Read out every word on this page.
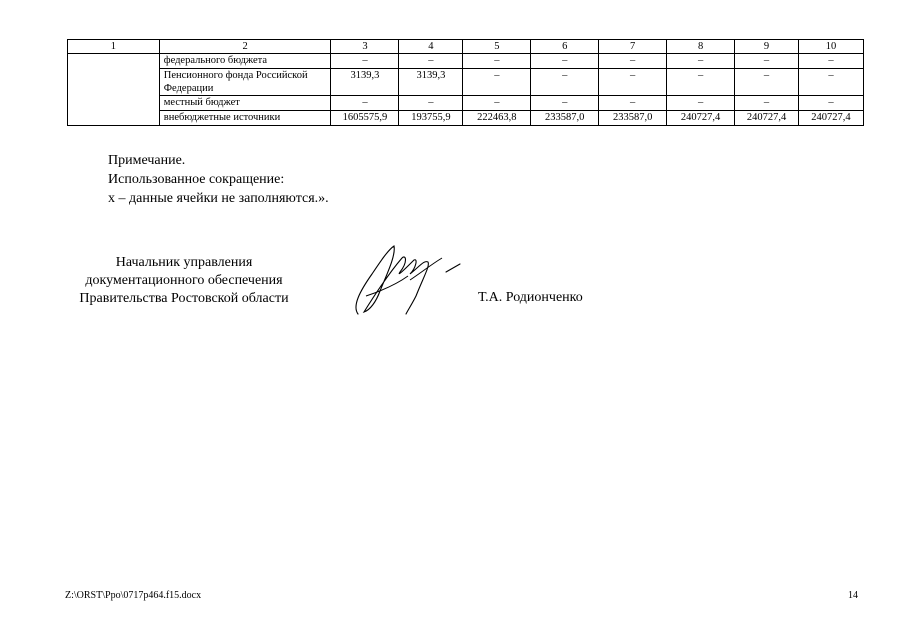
1	2	3	4	5	6	7	8	9	10
	федерального бюджета	–	–	–	–	–	–	–	–
	Пенсионного фонда Российской Федерации	3139,3	3139,3	–	–	–	–	–	–
	местный бюджет	–	–	–	–	–	–	–	–
	внебюджетные источники	1605575,9	193755,9	222463,8	233587,0	233587,0	240727,4	240727,4	240727,4
Примечание.
Использованное сокращение:
х – данные ячейки не заполняются.».
Начальник управления
документационного обеспечения
Правительства Ростовской области	Т.А. Родионченко
Z:\ORST\Ppo\0717p464.f15.docx	14
